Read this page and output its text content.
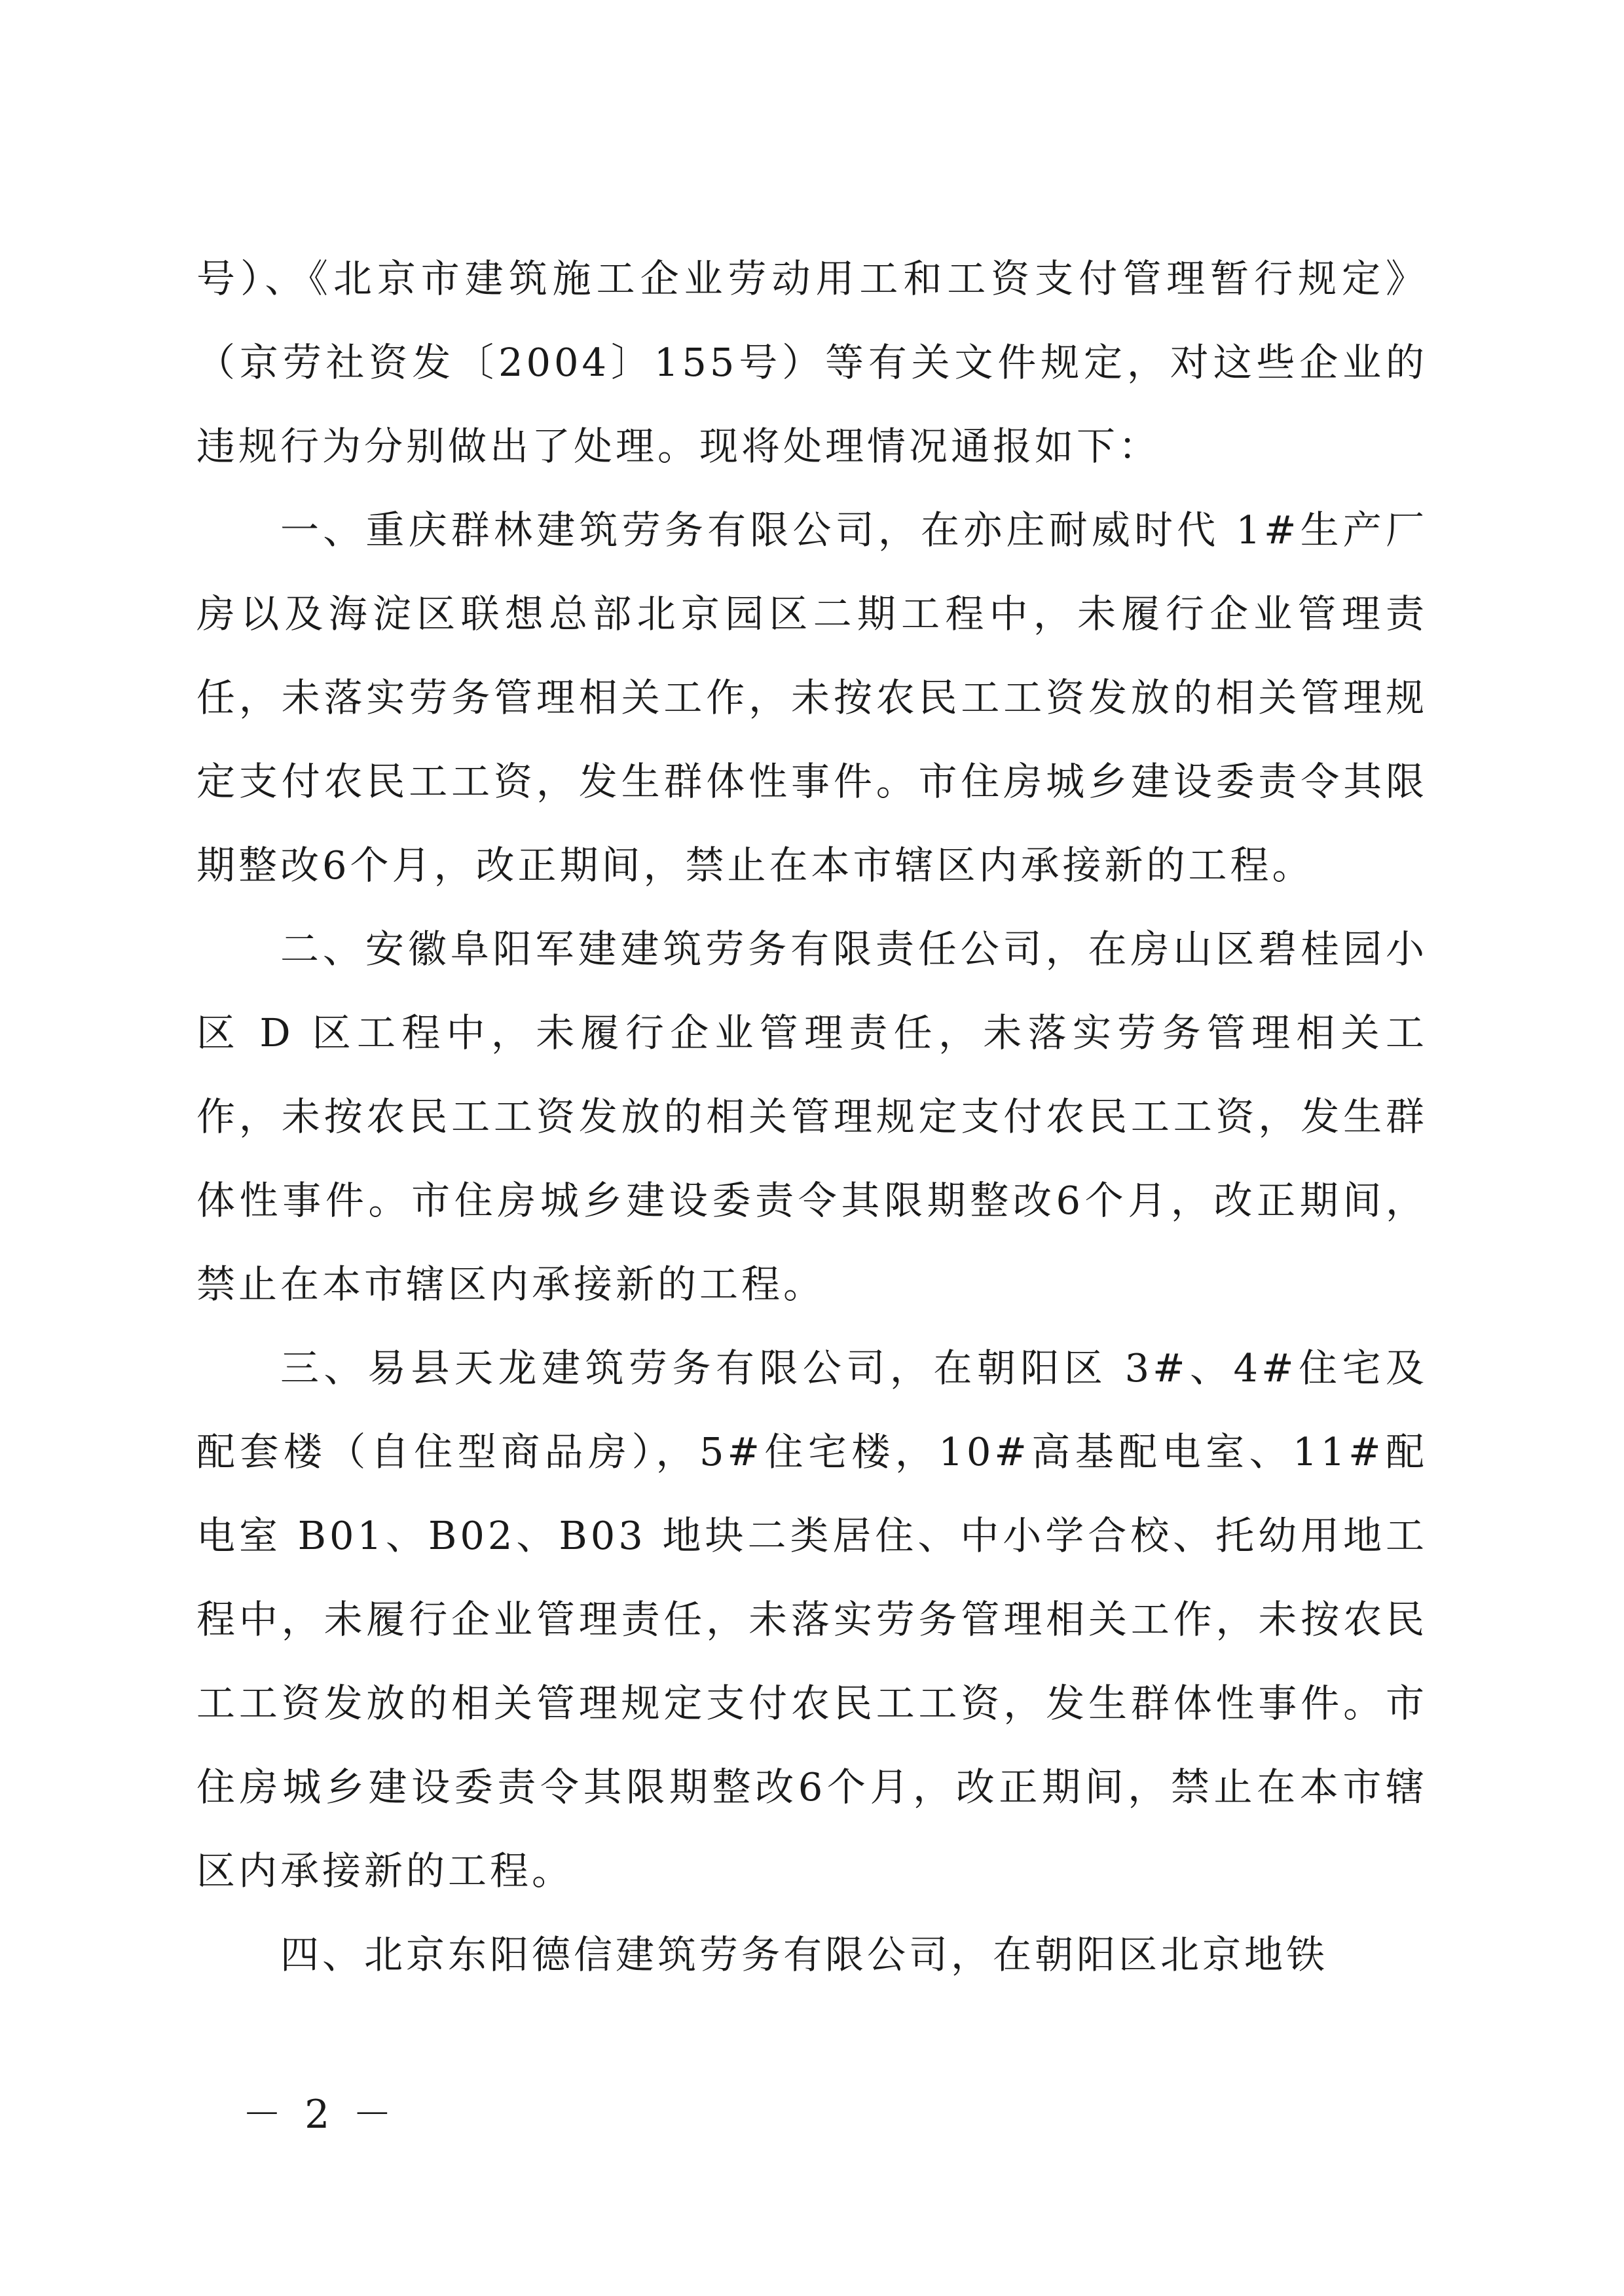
号）、《北京市建筑施工企业劳动用工和工资支付管理暂行规定》（京劳社资发〔2004〕155号）等有关文件规定，对这些企业的违规行为分别做出了处理。现将处理情况通报如下：

一、重庆群林建筑劳务有限公司，在亦庄耐威时代 1#生产厂房以及海淀区联想总部北京园区二期工程中，未履行企业管理责任，未落实劳务管理相关工作，未按农民工工资发放的相关管理规定支付农民工工资，发生群体性事件。市住房城乡建设委责令其限期整改6个月，改正期间，禁止在本市辖区内承接新的工程。

二、安徽阜阳军建建筑劳务有限责任公司，在房山区碧桂园小区 D 区工程中，未履行企业管理责任，未落实劳务管理相关工作，未按农民工工资发放的相关管理规定支付农民工工资，发生群体性事件。市住房城乡建设委责令其限期整改6个月，改正期间，禁止在本市辖区内承接新的工程。

三、易县天龙建筑劳务有限公司，在朝阳区 3#、4#住宅及配套楼（自住型商品房），5#住宅楼，10#高基配电室、11#配电室 B01、B02、B03 地块二类居住、中小学合校、托幼用地工程中，未履行企业管理责任，未落实劳务管理相关工作，未按农民工工资发放的相关管理规定支付农民工工资，发生群体性事件。市住房城乡建设委责令其限期整改6个月，改正期间，禁止在本市辖区内承接新的工程。

四、北京东阳德信建筑劳务有限公司，在朝阳区北京地铁

－ 2 －
